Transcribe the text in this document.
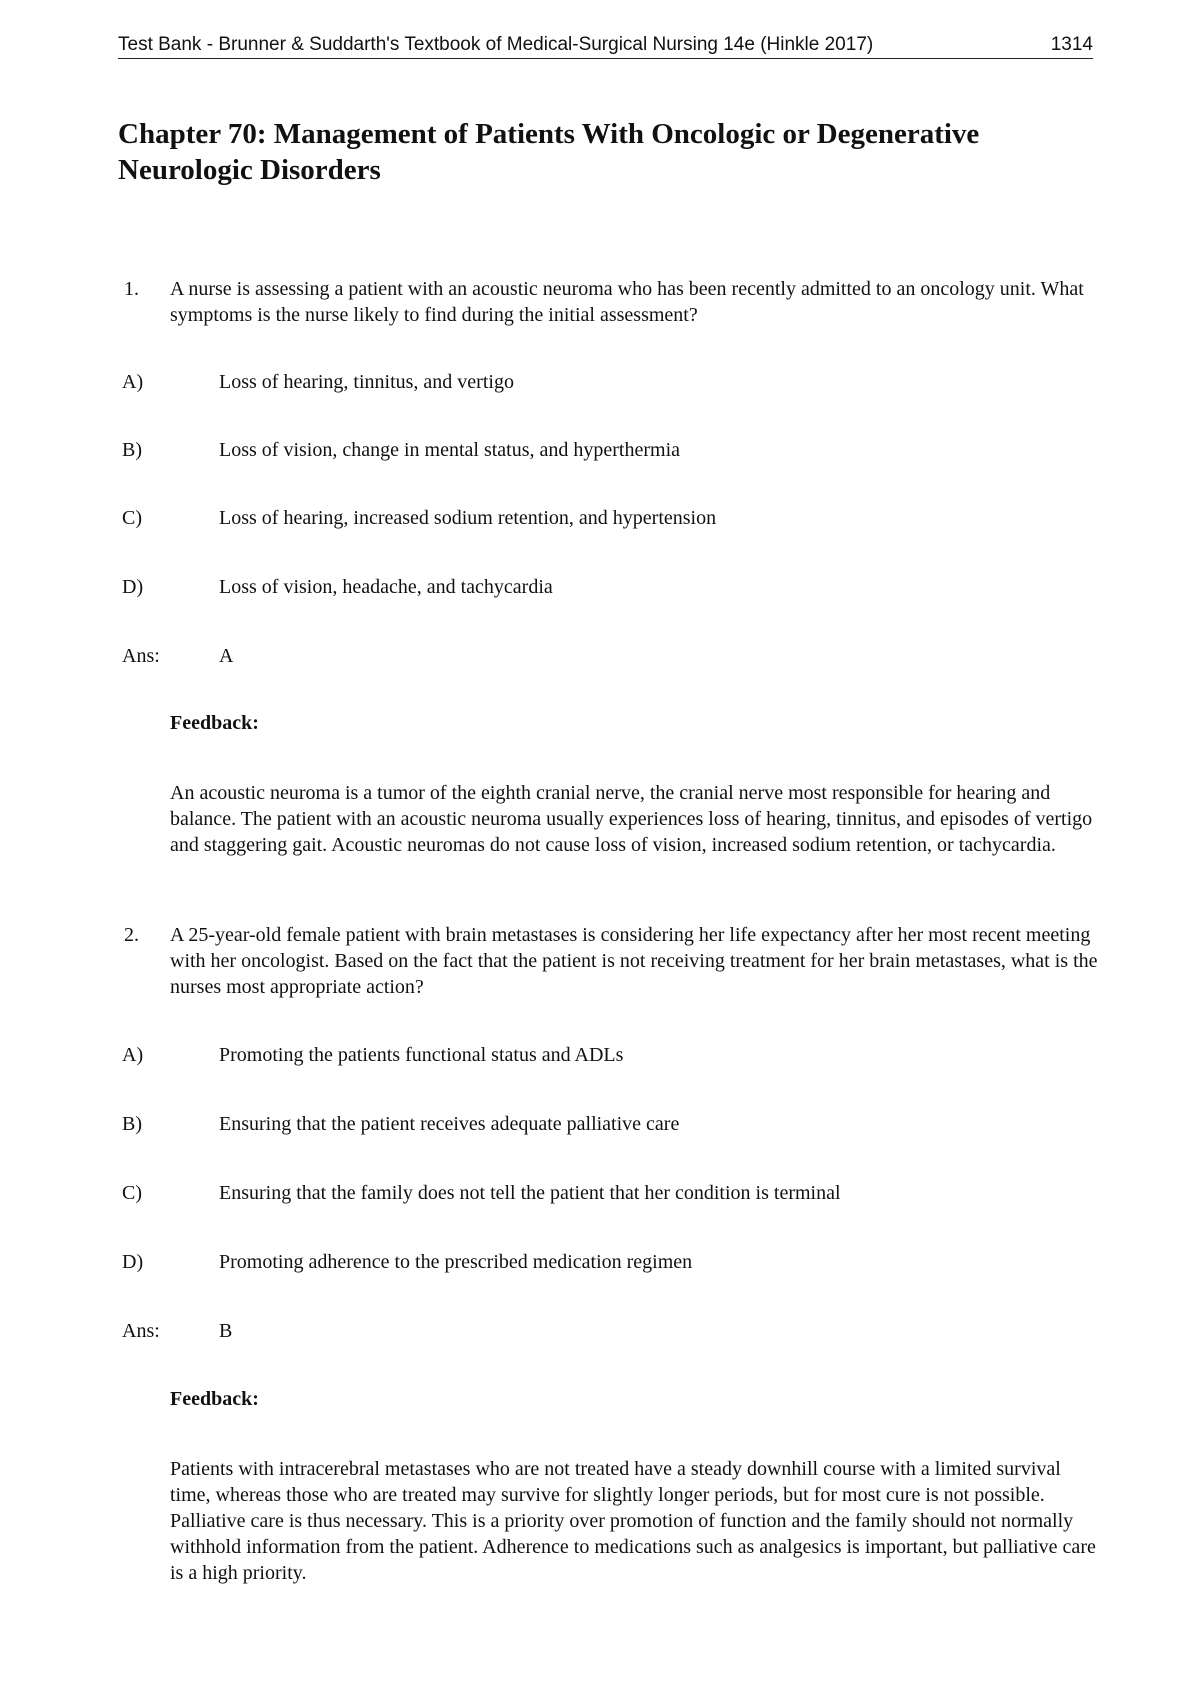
Test Bank - Brunner & Suddarth's Textbook of Medical-Surgical Nursing 14e (Hinkle 2017)	1314
Chapter 70: Management of Patients With Oncologic or Degenerative Neurologic Disorders
1. A nurse is assessing a patient with an acoustic neuroma who has been recently admitted to an oncology unit. What symptoms is the nurse likely to find during the initial assessment?

A)	Loss of hearing, tinnitus, and vertigo
B)	Loss of vision, change in mental status, and hyperthermia
C)	Loss of hearing, increased sodium retention, and hypertension
D)	Loss of vision, headache, and tachycardia
Ans:	A
Feedback:

An acoustic neuroma is a tumor of the eighth cranial nerve, the cranial nerve most responsible for hearing and balance. The patient with an acoustic neuroma usually experiences loss of hearing, tinnitus, and episodes of vertigo and staggering gait. Acoustic neuromas do not cause loss of vision, increased sodium retention, or tachycardia.

2. A 25-year-old female patient with brain metastases is considering her life expectancy after her most recent meeting with her oncologist. Based on the fact that the patient is not receiving treatment for her brain metastases, what is the nurses most appropriate action?

A)	Promoting the patients functional status and ADLs
B)	Ensuring that the patient receives adequate palliative care
C)	Ensuring that the family does not tell the patient that her condition is terminal
D)	Promoting adherence to the prescribed medication regimen
Ans:	B
Feedback:

Patients with intracerebral metastases who are not treated have a steady downhill course with a limited survival time, whereas those who are treated may survive for slightly longer periods, but for most cure is not possible. Palliative care is thus necessary. This is a priority over promotion of function and the family should not normally withhold information from the patient. Adherence to medications such as analgesics is important, but palliative care is a high priority.
